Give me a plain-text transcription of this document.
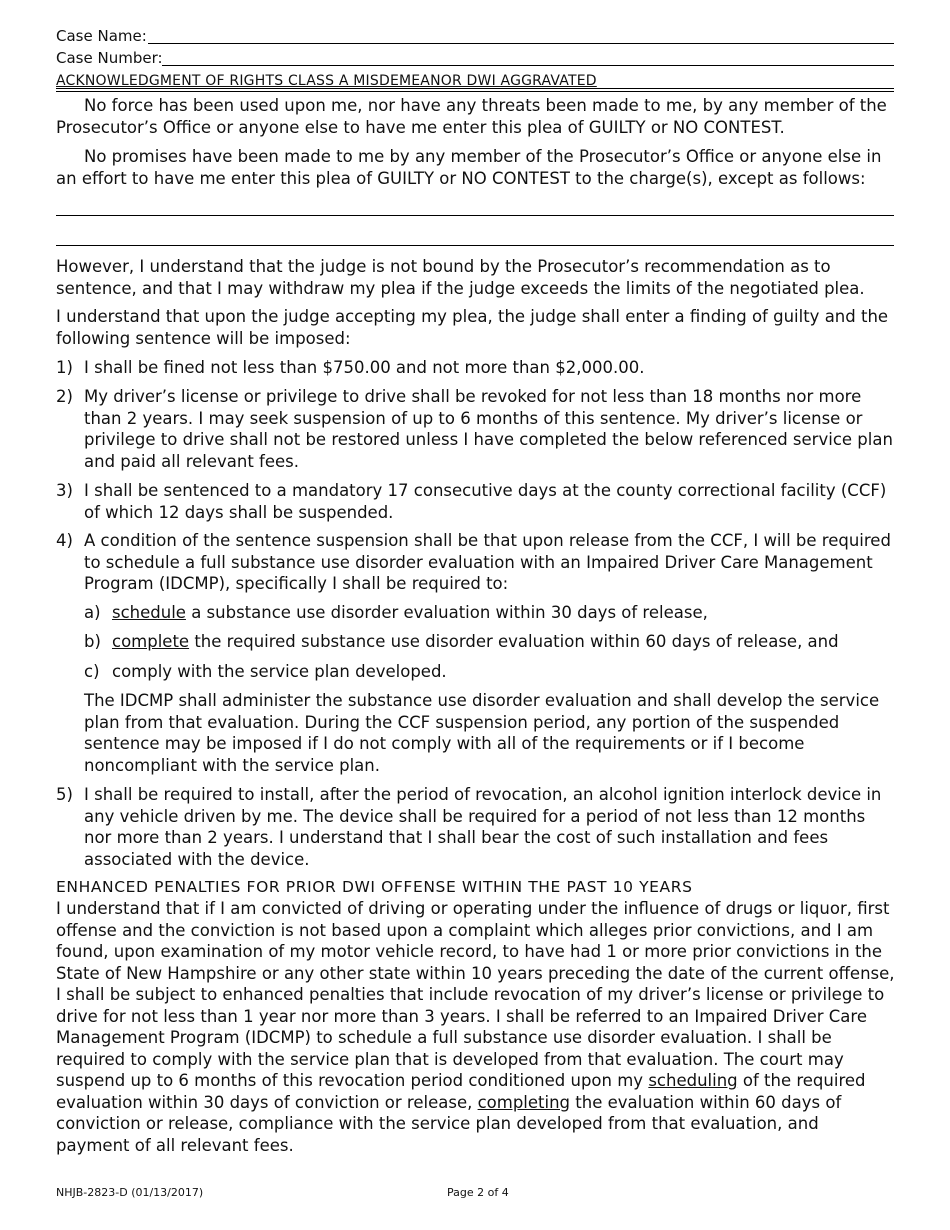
Case Name:
Case Number:
ACKNOWLEDGMENT OF RIGHTS CLASS A MISDEMEANOR DWI AGGRAVATED
No force has been used upon me, nor have any threats been made to me, by any member of the Prosecutor’s Office or anyone else to have me enter this plea of GUILTY or NO CONTEST.
No promises have been made to me by any member of the Prosecutor’s Office or anyone else in an effort to have me enter this plea of GUILTY or NO CONTEST to the charge(s), except as follows:
However, I understand that the judge is not bound by the Prosecutor’s recommendation as to sentence, and that I may withdraw my plea if the judge exceeds the limits of the negotiated plea.
I understand that upon the judge accepting my plea, the judge shall enter a finding of guilty and the following sentence will be imposed:
1) I shall be fined not less than $750.00 and not more than $2,000.00.
2) My driver’s license or privilege to drive shall be revoked for not less than 18 months nor more than 2 years. I may seek suspension of up to 6 months of this sentence. My driver’s license or privilege to drive shall not be restored unless I have completed the below referenced service plan and paid all relevant fees.
3) I shall be sentenced to a mandatory 17 consecutive days at the county correctional facility (CCF) of which 12 days shall be suspended.
4) A condition of the sentence suspension shall be that upon release from the CCF, I will be required to schedule a full substance use disorder evaluation with an Impaired Driver Care Management Program (IDCMP), specifically I shall be required to:
a) schedule a substance use disorder evaluation within 30 days of release,
b) complete the required substance use disorder evaluation within 60 days of release, and
c) comply with the service plan developed.
The IDCMP shall administer the substance use disorder evaluation and shall develop the service plan from that evaluation. During the CCF suspension period, any portion of the suspended sentence may be imposed if I do not comply with all of the requirements or if I become noncompliant with the service plan.
5) I shall be required to install, after the period of revocation, an alcohol ignition interlock device in any vehicle driven by me. The device shall be required for a period of not less than 12 months nor more than 2 years. I understand that I shall bear the cost of such installation and fees associated with the device.
ENHANCED PENALTIES FOR PRIOR DWI OFFENSE WITHIN THE PAST 10 YEARS
I understand that if I am convicted of driving or operating under the influence of drugs or liquor, first offense and the conviction is not based upon a complaint which alleges prior convictions, and I am found, upon examination of my motor vehicle record, to have had 1 or more prior convictions in the State of New Hampshire or any other state within 10 years preceding the date of the current offense, I shall be subject to enhanced penalties that include revocation of my driver’s license or privilege to drive for not less than 1 year nor more than 3 years. I shall be referred to an Impaired Driver Care Management Program (IDCMP) to schedule a full substance use disorder evaluation. I shall be required to comply with the service plan that is developed from that evaluation. The court may suspend up to 6 months of this revocation period conditioned upon my scheduling of the required evaluation within 30 days of conviction or release, completing the evaluation within 60 days of conviction or release, compliance with the service plan developed from that evaluation, and payment of all relevant fees.
NHJB-2823-D (01/13/2017)	Page 2 of 4
